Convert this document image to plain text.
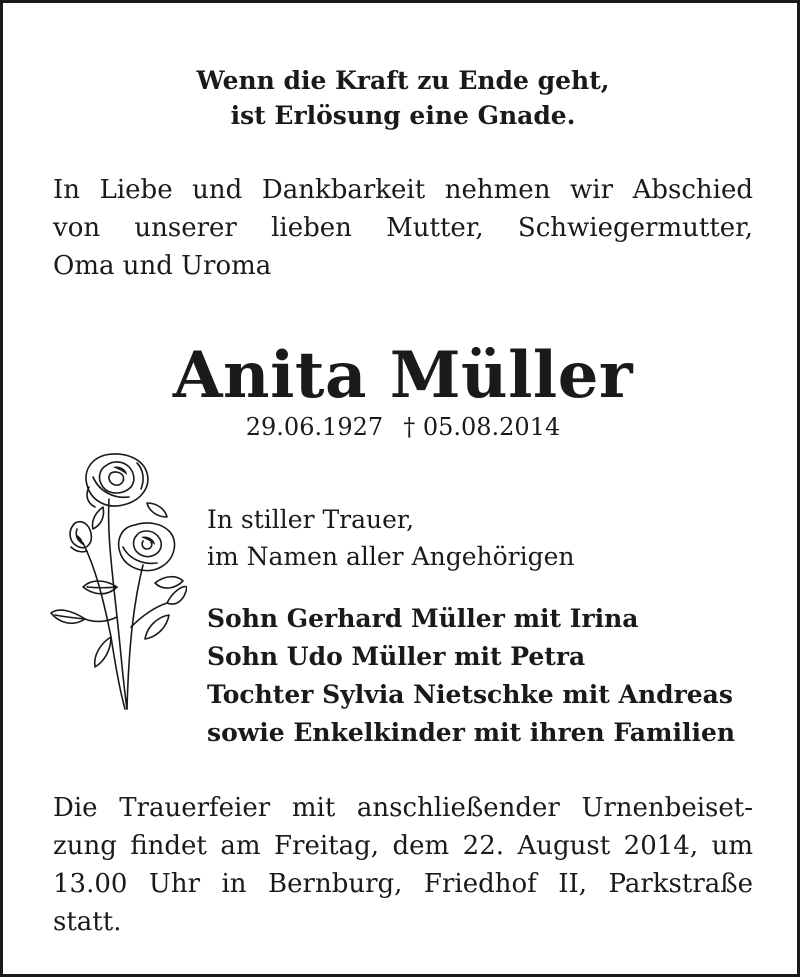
Wenn die Kraft zu Ende geht,
ist Erlösung eine Gnade.
In Liebe und Dankbarkeit nehmen wir Abschied
von unserer lieben Mutter, Schwiegermutter,
Oma und Uroma
Anita Müller
29.06.1927 † 05.08.2014
In stiller Trauer,
im Namen aller Angehörigen
Sohn Gerhard Müller mit Irina
Sohn Udo Müller mit Petra
Tochter Sylvia Nietschke mit Andreas
sowie Enkelkinder mit ihren Familien
Die Trauerfeier mit anschließender Urnenbeiset-
zung findet am Freitag, dem 22. August 2014, um
13.00 Uhr in Bernburg, Friedhof II, Parkstraße
statt.
